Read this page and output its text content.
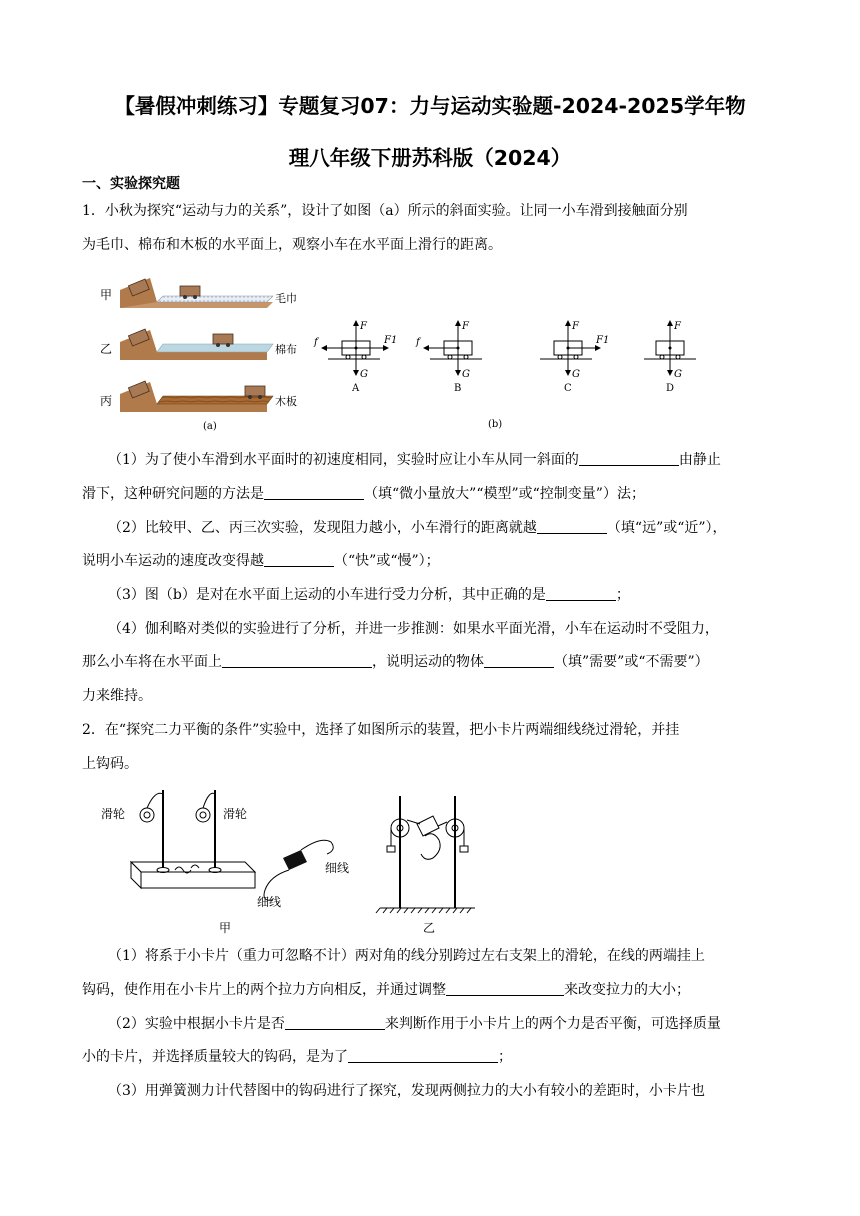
【暑假冲刺练习】专题复习07：力与运动实验题-2024-2025学年物
理八年级下册苏科版（2024）
一、实验探究题
1．小秋为探究“运动与力的关系”，设计了如图（a）所示的斜面实验。让同一小车滑到接触面分别
为毛巾、棉布和木板的水平面上，观察小车在水平面上滑行的距离。
甲	毛巾
乙	棉布
丙	木板
(a)
F
G
f	F1
A
F
G
f
B
F
G
F1
C
F
G
D
(b)
（1）为了使小车滑到水平面时的初速度相同，实验时应让小车从同一斜面的	由静止
滑下，这种研究问题的方法是	（填“微小量放大”“模型”或“控制变量”）法；
（2）比较甲、乙、丙三次实验，发现阻力越小，小车滑行的距离就越	（填“远”或“近”），
说明小车运动的速度改变得越	（“快”或“慢”）；
（3）图（b）是对在水平面上运动的小车进行受力分析，其中正确的是	；
（4）伽利略对类似的实验进行了分析，并进一步推测：如果水平面光滑，小车在运动时不受阻力，
那么小车将在水平面上	，说明运动的物体	（填”需要”或“不需要”）
力来维持。
2．在“探究二力平衡的条件”实验中，选择了如图所示的装置，把小卡片两端细线绕过滑轮，并挂
上钩码。
滑轮	滑轮
甲
细线
细线
乙
（1）将系于小卡片（重力可忽略不计）两对角的线分别跨过左右支架上的滑轮，在线的两端挂上
钩码，使作用在小卡片上的两个拉力方向相反，并通过调整	来改变拉力的大小；
（2）实验中根据小卡片是否	来判断作用于小卡片上的两个力是否平衡，可选择质量
小的卡片，并选择质量较大的钩码，是为了	；
（3）用弹簧测力计代替图中的钩码进行了探究，发现两侧拉力的大小有较小的差距时，小卡片也
